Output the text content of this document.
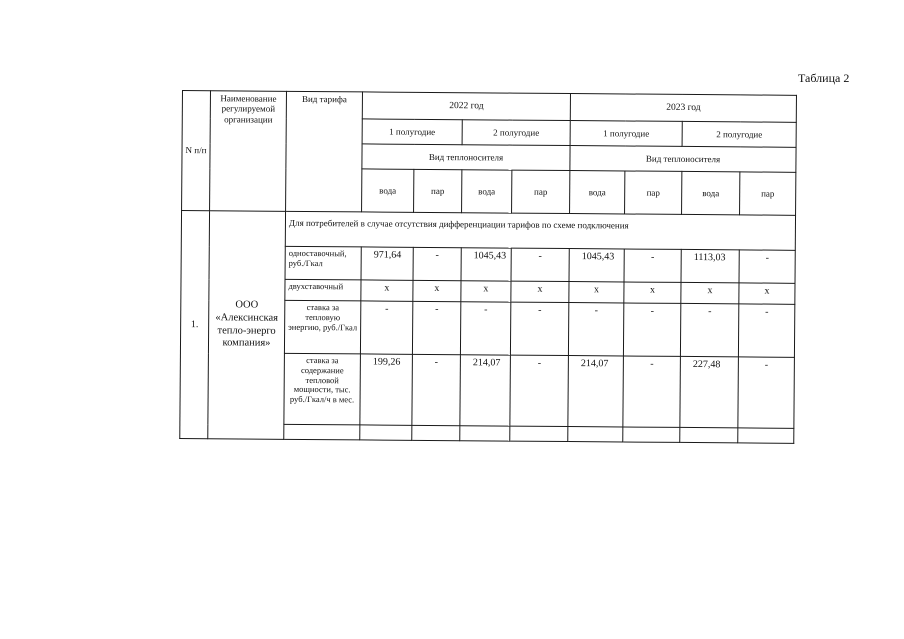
Таблица 2
N п/п	Наименование регулируемой организации	Вид тарифа	2022 год				2023 год			
			1 полугодие		2 полугодие		1 полугодие		2 полугодие	
			Вид теплоносителя				Вид теплоносителя			
			вода	пар	вода	пар	вода	пар	вода	пар
1.	ООО «Алексинская тепло-энерго компания»	Для потребителей в случае отсутствия дифференциации тарифов по схеме подключения								
		одноставочный, руб./Гкал	971,64	-	1045,43	-	1045,43	-	1113,03	-
		двухставочный	х	х	х	х	х	х	х	х
		ставка за тепловую энергию, руб./Гкал	-	-	-	-	-	-	-	-
		ставка за содержание тепловой мощности, тыс. руб./Гкал/ч в мес.	199,26	-	214,07	-	214,07	-	227,48	-
